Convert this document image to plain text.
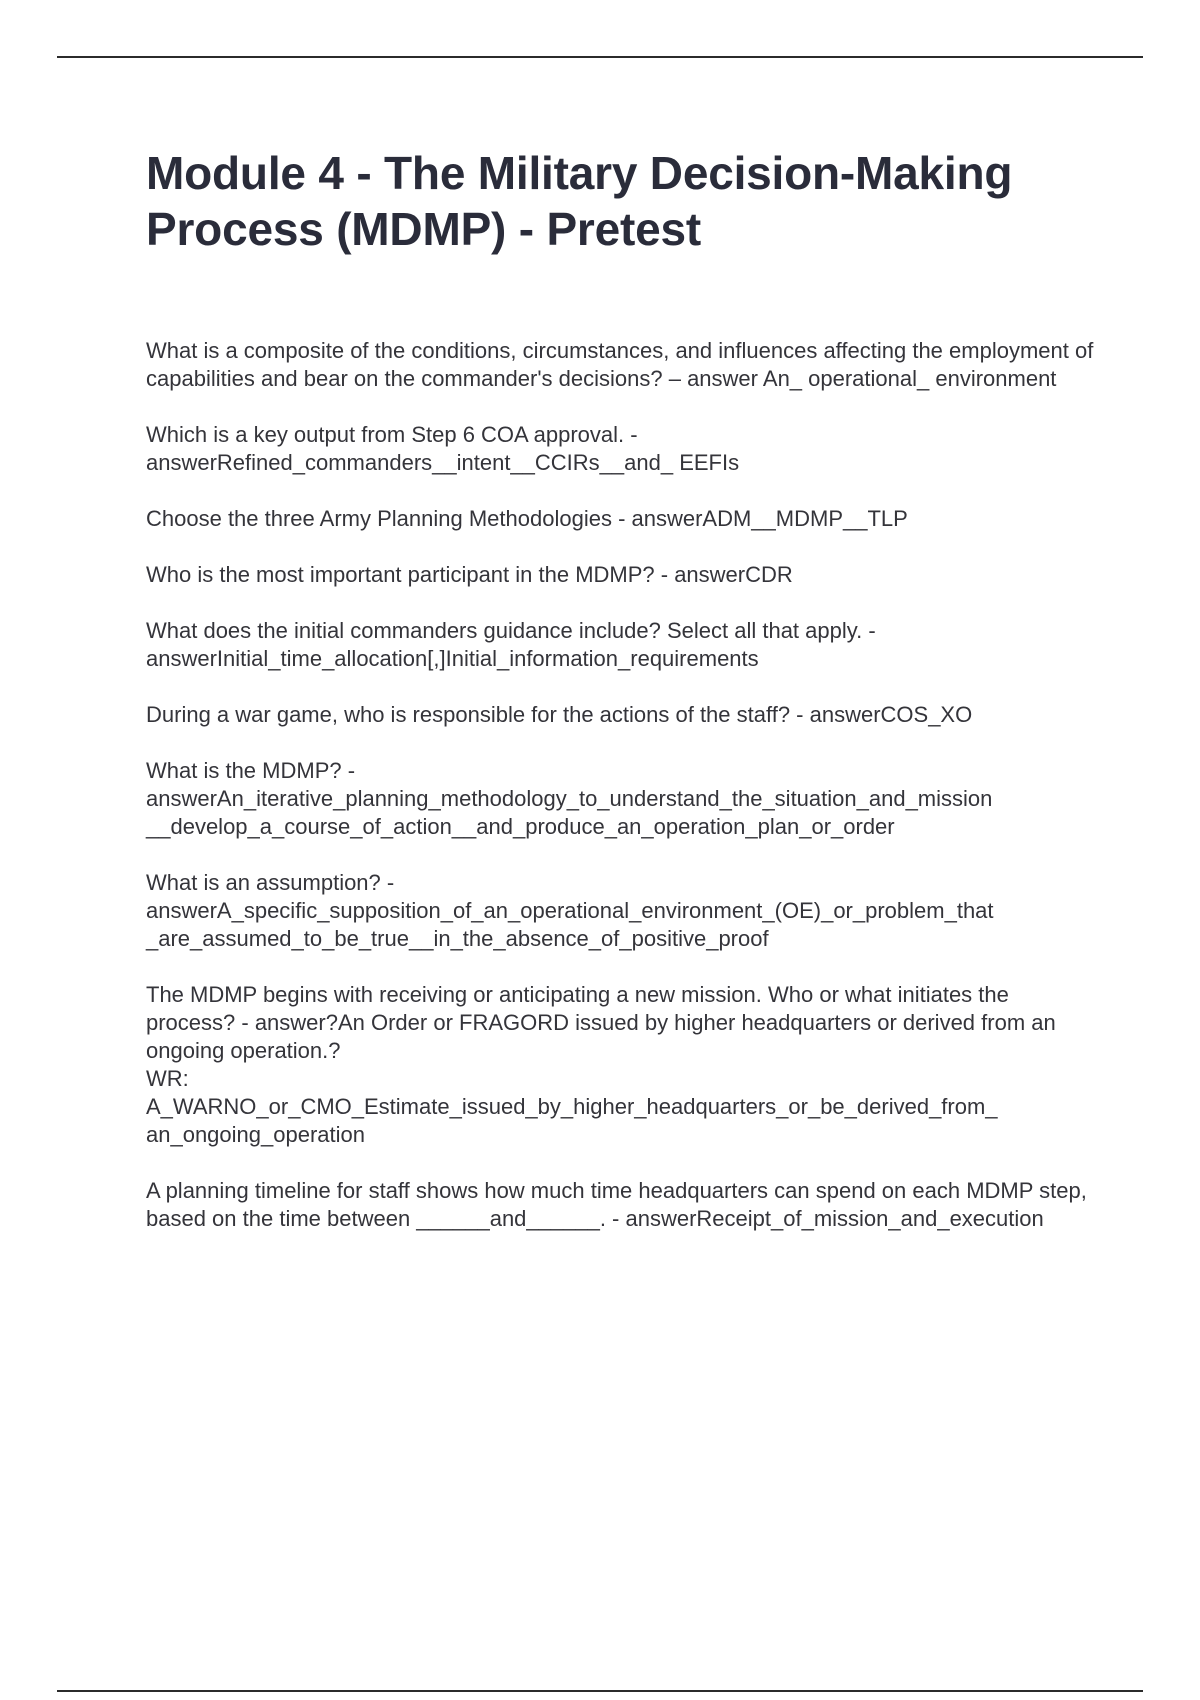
Module 4 - The Military Decision-Making Process (MDMP) - Pretest
What is a composite of the conditions, circumstances, and influences affecting the employment of capabilities and bear on the commander's decisions? – answer An_ operational_ environment
Which is a key output from Step 6 COA approval. - answerRefined_commanders__intent__CCIRs__and_ EEFIs
Choose the three Army Planning Methodologies - answerADM__MDMP__TLP
Who is the most important participant in the MDMP? - answerCDR
What does the initial commanders guidance include? Select all that apply. - answerInitial_time_allocation[,]Initial_information_requirements
During a war game, who is responsible for the actions of the staff? - answerCOS_XO
What is the MDMP? - answerAn_iterative_planning_methodology_to_understand_the_situation_and_mission __develop_a_course_of_action__and_produce_an_operation_plan_or_order
What is an assumption? - answerA_specific_supposition_of_an_operational_environment_(OE)_or_problem_that _are_assumed_to_be_true__in_the_absence_of_positive_proof
The MDMP begins with receiving or anticipating a new mission. Who or what initiates the process? - answer?An Order or FRAGORD issued by higher headquarters or derived from an ongoing operation.?
WR:
A_WARNO_or_CMO_Estimate_issued_by_higher_headquarters_or_be_derived_from_ an_ongoing_operation
A planning timeline for staff shows how much time headquarters can spend on each MDMP step, based on the time between ______and______. - answerReceipt_of_mission_and_execution
